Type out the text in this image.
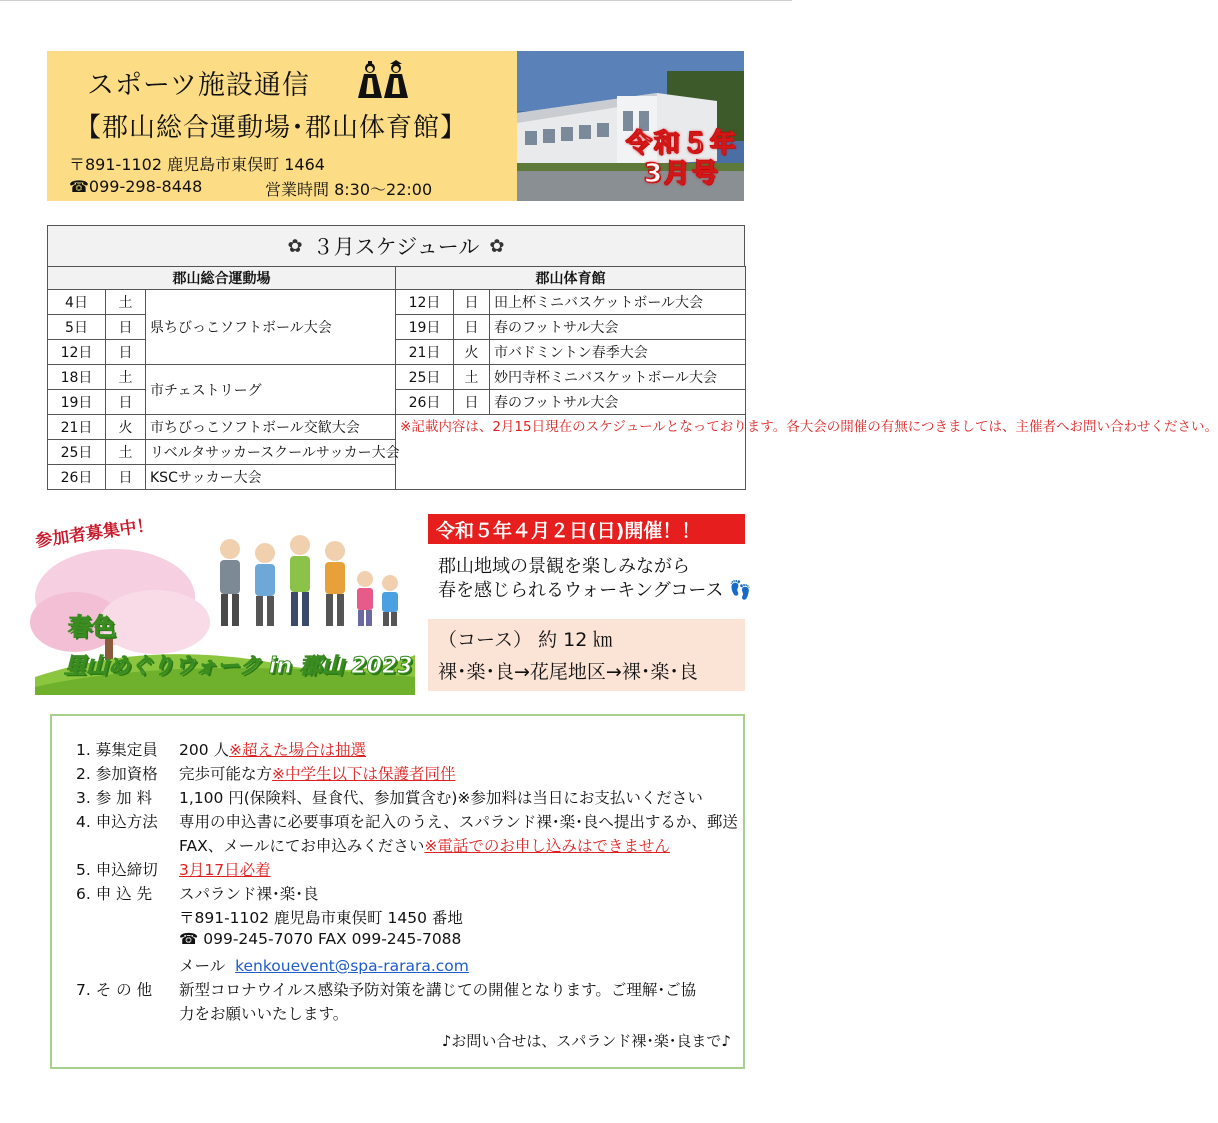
スポーツ施設通信
【郡山総合運動場･郡山体育館】
〒891-1102 鹿児島市東俣町 1464
☎099-298-8448	営業時間 8:30～22:00
令和５年
3月号
✿ ３月スケジュール ✿
郡山総合運動場			郡山体育館		
4日	土	県ちびっこソフトボール大会	12日	日	田上杯ミニバスケットボール大会
5日	日		19日	日	春のフットサル大会
12日	日		21日	火	市バドミントン春季大会
18日	土	市チェストリーグ	25日	土	妙円寺杯ミニバスケットボール大会
19日	日		26日	日	春のフットサル大会
21日	火	市ちびっこソフトボール交歓大会	※記載内容は、2月15日現在のスケジュールとなっております。各大会の開催の有無につきましては、主催者へお問い合わせください。		
25日	土	リベルタサッカースクールサッカー大会			
26日	日	KSCサッカー大会			
参加者募集中！
春色
里山めぐりウォーク in 郡山 2023
令和５年４月２日(日)開催！！
郡山地域の景観を楽しみながら
春を感じられるウォーキングコース 👣
（コース） 約 12 ㎞
裸･楽･良→花尾地区→裸･楽･良
1. 募集定員 200 人※超えた場合は抽選
2. 参加資格 完歩可能な方※中学生以下は保護者同伴
3. 参 加 料 1,100 円(保険料、昼食代、参加賞含む)※参加料は当日にお支払いください
4. 申込方法 専用の申込書に必要事項を記入のうえ、スパランド裸･楽･良へ提出するか、郵送
FAX、メールにてお申込みください※電話でのお申し込みはできません
5. 申込締切 3月17日必着
6. 申 込 先 スパランド裸･楽･良
〒891-1102 鹿児島市東俣町 1450 番地
☎ 099-245-7070 FAX 099-245-7088
メール kenkouevent@spa-rarara.com
7. そ の 他 新型コロナウイルス感染予防対策を講じての開催となります。ご理解･ご協
力をお願いいたします。
♪お問い合せは、スパランド裸･楽･良まで♪
